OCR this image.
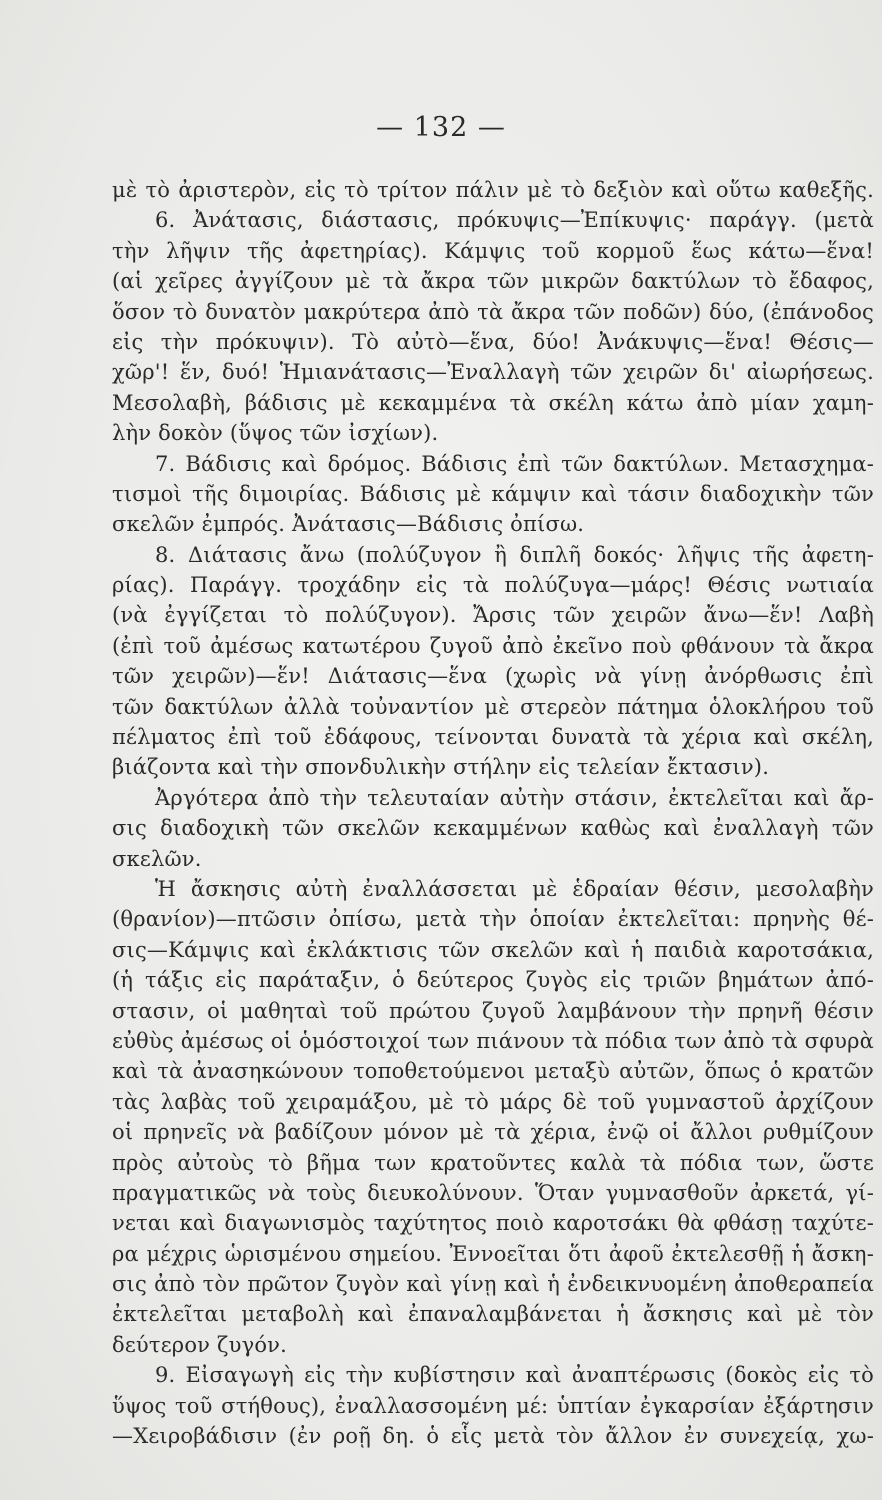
— 132 —
μὲ τὸ ἀριστερὸν, εἰς τὸ τρίτον πάλιν μὲ τὸ δεξιὸν καὶ οὕτω καθεξῆς.
6. Ἀνάτασις, διάστασις, πρόκυψις—Ἐπίκυψις· παράγγ. (μετὰ
τὴν λῆψιν τῆς ἀφετηρίας). Κάμψις τοῦ κορμοῦ ἕως κάτω—ἕνα!
(αἱ χεῖρες ἀγγίζουν μὲ τὰ ἄκρα τῶν μικρῶν δακτύλων τὸ ἔδαφος,
ὅσον τὸ δυνατὸν μακρύτερα ἀπὸ τὰ ἄκρα τῶν ποδῶν) δύο, (ἐπάνοδος
εἰς τὴν πρόκυψιν). Τὸ αὐτὸ—ἕνα, δύο! Ἀνάκυψις—ἕνα! Θέσις—
χῶρ'! ἕν, δυό! Ἡμιανάτασις—Ἐναλλαγὴ τῶν χειρῶν δι' αἰωρήσεως.
Μεσολαβὴ, βάδισις μὲ κεκαμμένα τὰ σκέλη κάτω ἀπὸ μίαν χαμη-
λὴν δοκὸν (ὕψος τῶν ἰσχίων).
7. Βάδισις καὶ δρόμος. Βάδισις ἐπὶ τῶν δακτύλων. Μετασχημα-
τισμοὶ τῆς διμοιρίας. Βάδισις μὲ κάμψιν καὶ τάσιν διαδοχικὴν τῶν
σκελῶν ἐμπρός. Ἀνάτασις—Βάδισις ὀπίσω.
8. Διάτασις ἄνω (πολύζυγον ἢ διπλῆ δοκός· λῆψις τῆς ἀφετη-
ρίας). Παράγγ. τροχάδην εἰς τὰ πολύζυγα—μάρς! Θέσις νωτιαία
(νὰ ἐγγίζεται τὸ πολύζυγον). Ἄρσις τῶν χειρῶν ἄνω—ἕν! Λαβὴ
(ἐπὶ τοῦ ἀμέσως κατωτέρου ζυγοῦ ἀπὸ ἐκεῖνο ποὺ φθάνουν τὰ ἄκρα
τῶν χειρῶν)—ἕν! Διάτασις—ἕνα (χωρὶς νὰ γίνῃ ἀνόρθωσις ἐπὶ
τῶν δακτύλων ἀλλὰ τοὐναντίον μὲ στερεὸν πάτημα ὁλοκλήρου τοῦ
πέλματος ἐπὶ τοῦ ἐδάφους, τείνονται δυνατὰ τὰ χέρια καὶ σκέλη,
βιάζοντα καὶ τὴν σπονδυλικὴν στήλην εἰς τελείαν ἔκτασιν).
Ἀργότερα ἀπὸ τὴν τελευταίαν αὐτὴν στάσιν, ἐκτελεῖται καὶ ἄρ-
σις διαδοχικὴ τῶν σκελῶν κεκαμμένων καθὼς καὶ ἐναλλαγὴ τῶν
σκελῶν.
Ἡ ἄσκησις αὐτὴ ἐναλλάσσεται μὲ ἑδραίαν θέσιν, μεσολαβὴν
(θρανίον)—πτῶσιν ὀπίσω, μετὰ τὴν ὁποίαν ἐκτελεῖται: πρηνὴς θέ-
σις—Κάμψις καὶ ἐκλάκτισις τῶν σκελῶν καὶ ἡ παιδιὰ καροτσάκια,
(ἡ τάξις εἰς παράταξιν, ὁ δεύτερος ζυγὸς εἰς τριῶν βημάτων ἀπό-
στασιν, οἱ μαθηταὶ τοῦ πρώτου ζυγοῦ λαμβάνουν τὴν πρηνῆ θέσιν
εὐθὺς ἀμέσως οἱ ὁμόστοιχοί των πιάνουν τὰ πόδια των ἀπὸ τὰ σφυρὰ
καὶ τὰ ἀνασηκώνουν τοποθετούμενοι μεταξὺ αὐτῶν, ὅπως ὁ κρατῶν
τὰς λαβὰς τοῦ χειραμάξου, μὲ τὸ μάρς δὲ τοῦ γυμναστοῦ ἀρχίζουν
οἱ πρηνεῖς νὰ βαδίζουν μόνον μὲ τὰ χέρια, ἐνῷ οἱ ἄλλοι ρυθμίζουν
πρὸς αὐτοὺς τὸ βῆμα των κρατοῦντες καλὰ τὰ πόδια των, ὥστε
πραγματικῶς νὰ τοὺς διευκολύνουν. Ὅταν γυμνασθοῦν ἀρκετά, γί-
νεται καὶ διαγωνισμὸς ταχύτητος ποιὸ καροτσάκι θὰ φθάσῃ ταχύτε-
ρα μέχρις ὡρισμένου σημείου. Ἐννοεῖται ὅτι ἀφοῦ ἐκτελεσθῇ ἡ ἄσκη-
σις ἀπὸ τὸν πρῶτον ζυγὸν καὶ γίνῃ καὶ ἡ ἐνδεικνυομένη ἀποθεραπεία
ἐκτελεῖται μεταβολὴ καὶ ἐπαναλαμβάνεται ἡ ἄσκησις καὶ μὲ τὸν
δεύτερον ζυγόν.
9. Εἰσαγωγὴ εἰς τὴν κυβίστησιν καὶ ἀναπτέρωσις (δοκὸς εἰς τὸ
ὕψος τοῦ στήθους), ἐναλλασσομένη μέ: ὑπτίαν ἐγκαρσίαν ἐξάρτησιν
—Χειροβάδισιν (ἐν ροῇ δη. ὁ εἷς μετὰ τὸν ἄλλον ἐν συνεχείᾳ, χω-
